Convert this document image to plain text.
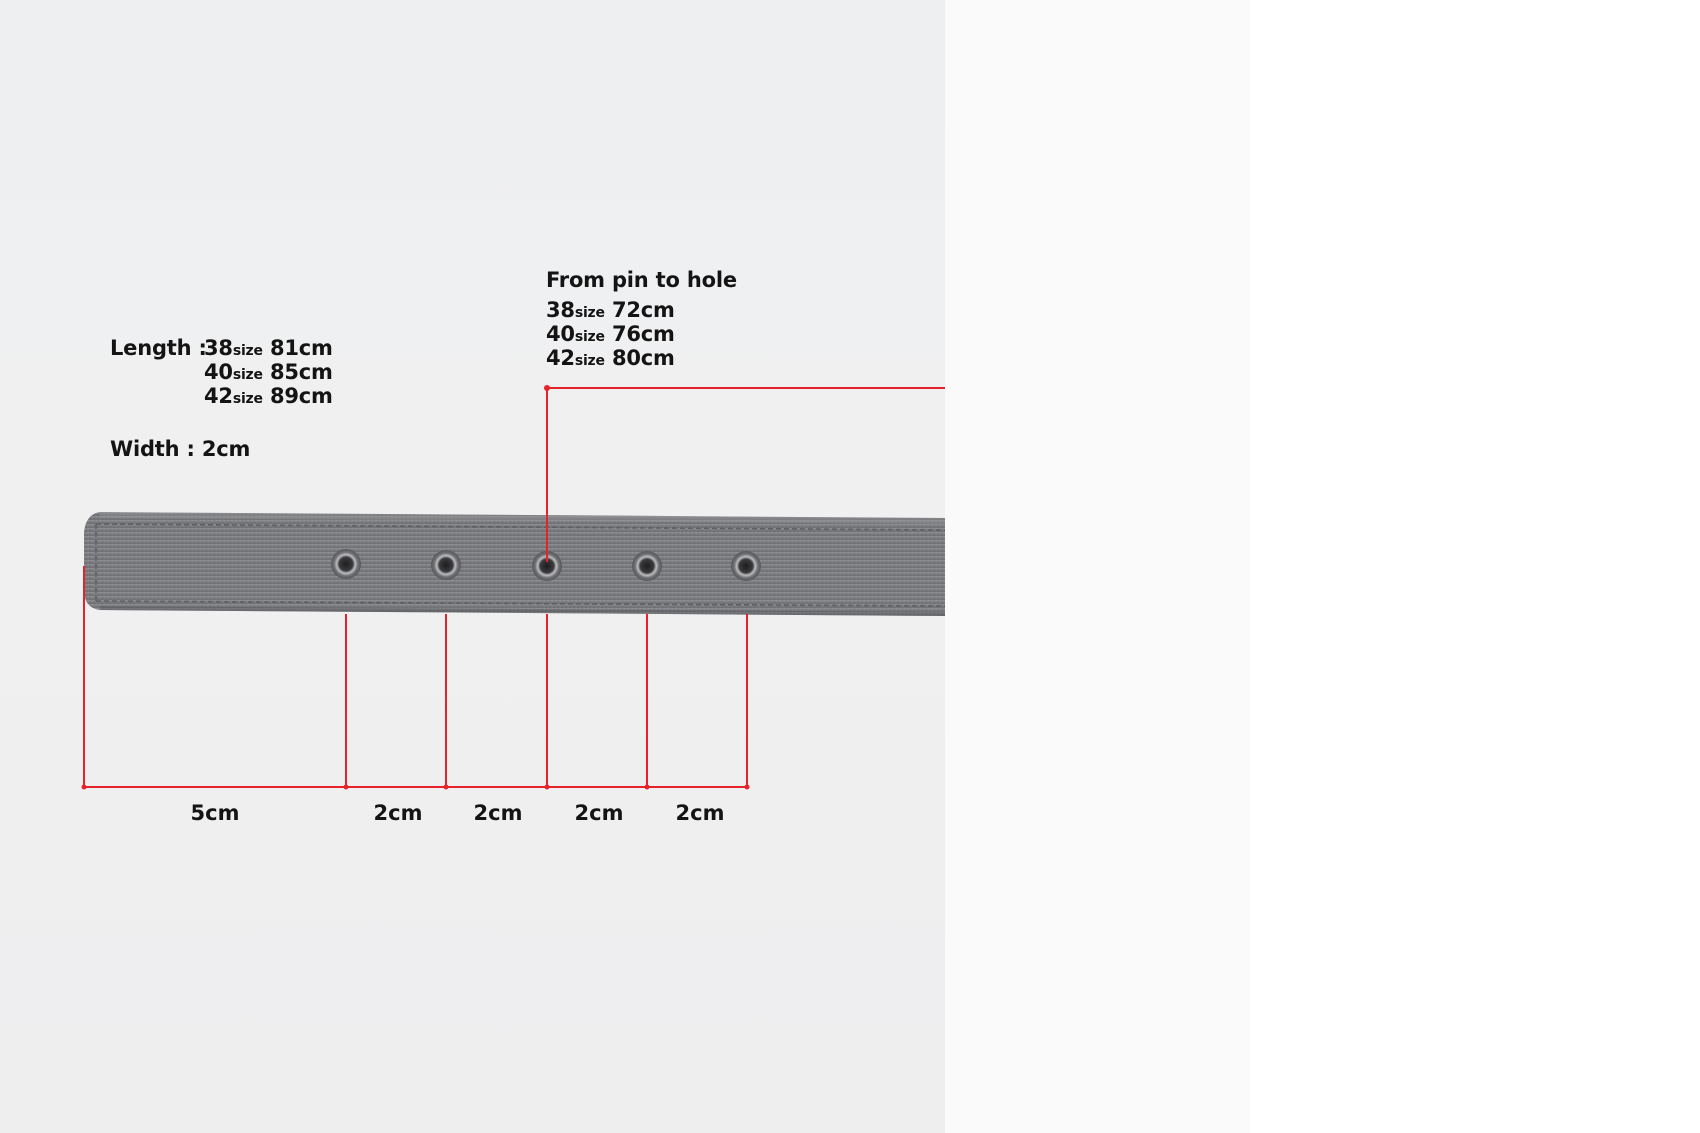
Length :
38size 81cm
40size 85cm
42size 89cm
Width : 2cm
From pin to hole
38size 72cm
40size 76cm
42size 80cm
5cm	2cm 2cm 2cm 2cm
